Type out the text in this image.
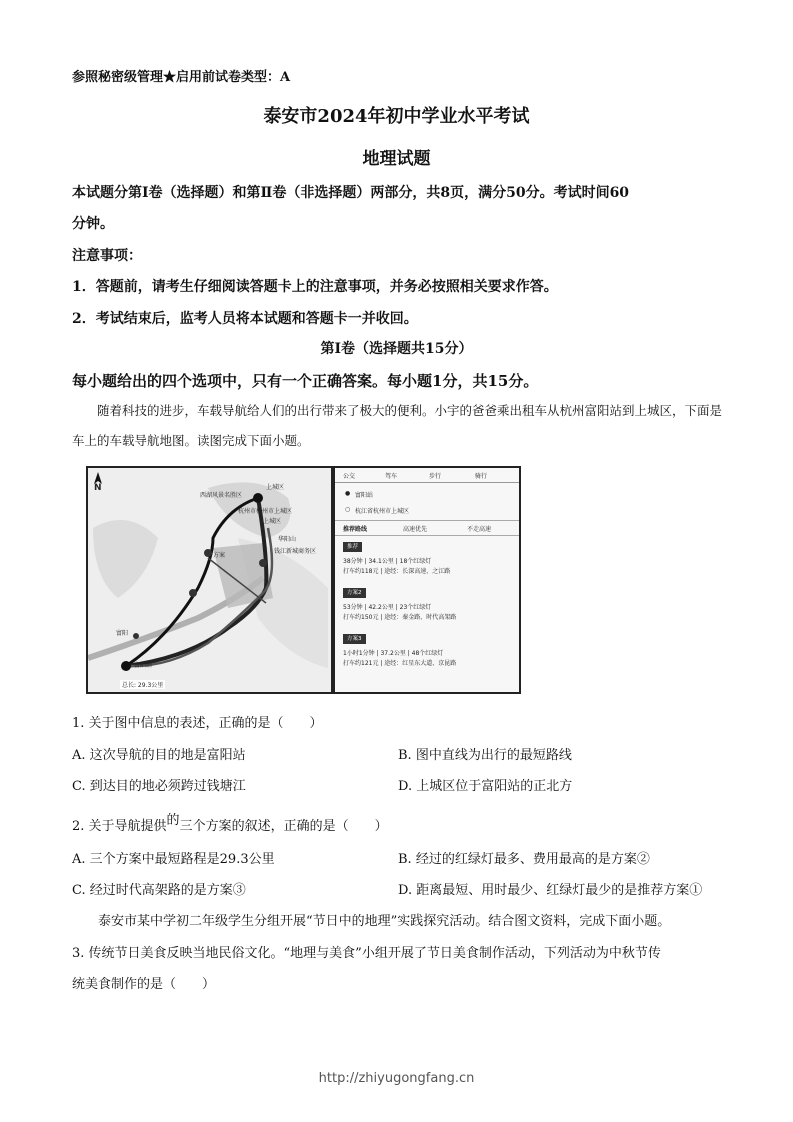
参照秘密级管理★启用前试卷类型：A
泰安市2024年初中学业水平考试
地理试题
本试题分第Ⅰ卷（选择题）和第Ⅱ卷（非选择题）两部分，共8页，满分50分。考试时间60
分钟。
注意事项：
1．答题前，请考生仔细阅读答题卡上的注意事项，并务必按照相关要求作答。
2．考试结束后，监考人员将本试题和答题卡一并收回。
第Ⅰ卷（选择题共15分）
每小题给出的四个选项中，只有一个正确答案。每小题1分，共15分。
随着科技的进步，车载导航给人们的出行带来了极大的便利。小宇的爸爸乘出租车从杭州富阳站到上城区，下面是车上的车载导航地图。读图完成下面小题。
N	上城区
西湖风景名胜区
杭州市杭州市上城区
上城区
华阳山
钱江新城商务区
方案
富阳
富阳站
总长: 29.3公里
公交	驾车	步行	骑行
● 富阳站
○ 杭江省杭州市上城区
推荐路线	高速优先	不走高速
推荐
38分钟 | 34.1公里 | 18个红绿灯
打车约118元 | 途经：长深高速、之江路
方案2
53分钟 | 42.2公里 | 23个红绿灯
打车约150元 | 途经：秦金路、时代高架路
方案3
1小时1分钟 | 37.2公里 | 48个红绿灯
打车约121元 | 途经：红星东大道、京昆路
1. 关于图中信息的表述，正确的是（　　）
A. 这次导航的目的地是富阳站	B. 图中直线为出行的最短路线
C. 到达目的地必须跨过钱塘江	D. 上城区位于富阳站的正北方
2. 关于导航提供的三个方案的叙述，正确的是（　　）
A. 三个方案中最短路程是29.3公里	B. 经过的红绿灯最多、费用最高的是方案②
C. 经过时代高架路的是方案③	D. 距离最短、用时最少、红绿灯最少的是推荐方案①
泰安市某中学初二年级学生分组开展“节日中的地理”实践探究活动。结合图文资料，完成下面小题。
3. 传统节日美食反映当地民俗文化。“地理与美食”小组开展了节日美食制作活动，下列活动为中秋节传
统美食制作的是（　　）
http://zhiyugongfang.cn
